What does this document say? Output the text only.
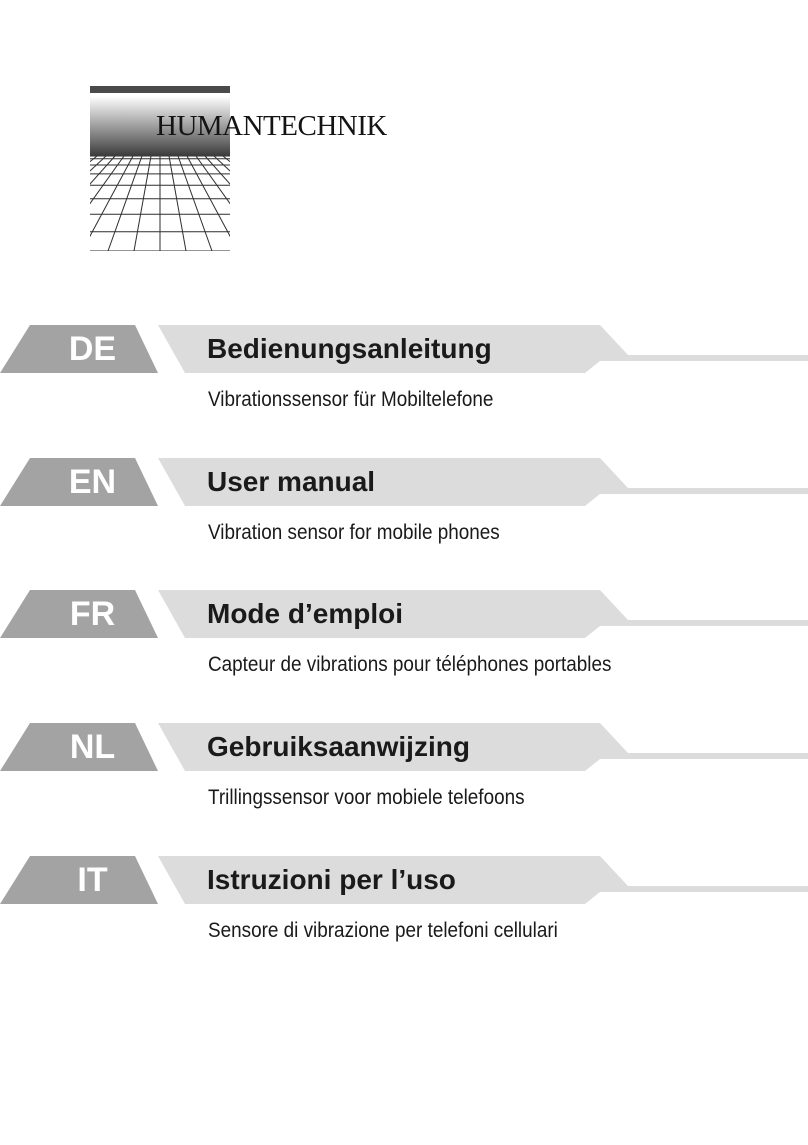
HUMANTECHNIK
DE	Bedienungsanleitung
Vibrationssensor für Mobiltelefone
EN	User manual
Vibration sensor for mobile phones
FR	Mode d’emploi
Capteur de vibrations pour téléphones portables
NL	Gebruiksaanwijzing
Trillingssensor voor mobiele telefoons
IT	Istruzioni per l’uso
Sensore di vibrazione per telefoni cellulari
